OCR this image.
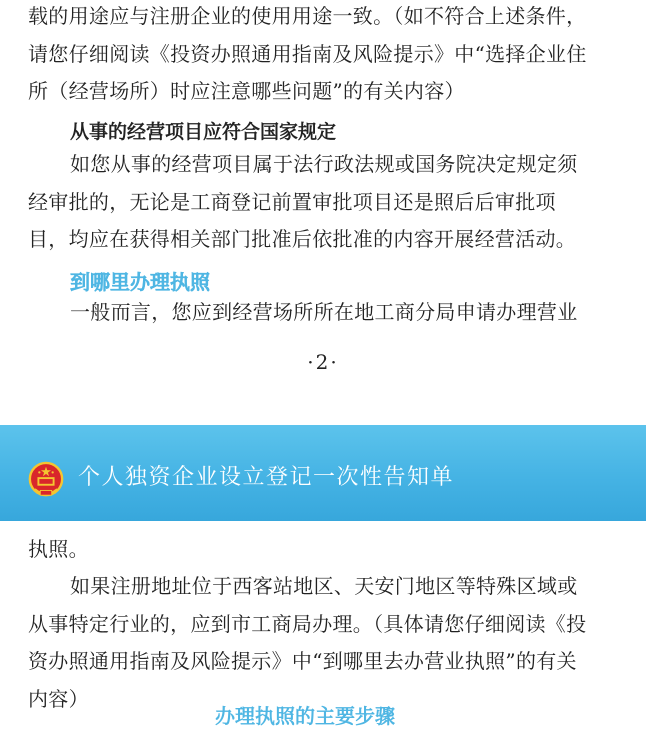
载的用途应与注册企业的使用用途一致。（如不符合上述条件，请您仔细阅读《投资办照通用指南及风险提示》中“选择企业住所（经营场所）时应注意哪些问题”的有关内容）

从事的经营项目应符合国家规定

如您从事的经营项目属于法行政法规或国务院决定规定须经审批的，无论是工商登记前置审批项目还是照后后审批项目，均应在获得相关部门批准后依批准的内容开展经营活动。

到哪里办理执照

一般而言，您应到经营场所所在地工商分局申请办理营业

·2·
个人独资企业设立登记一次性告知单

执照。

如果注册地址位于西客站地区、天安门地区等特殊区域或从事特定行业的，应到市工商局办理。（具体请您仔细阅读《投资办照通用指南及风险提示》中“到哪里去办营业执照”的有关内容）

办理执照的主要步骤
